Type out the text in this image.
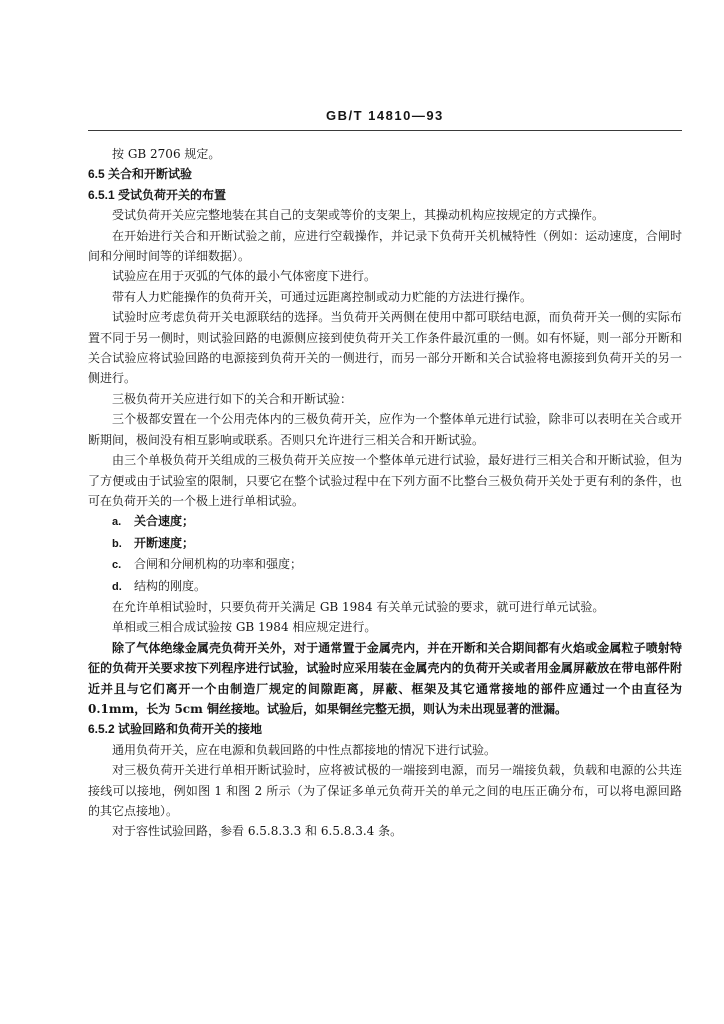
GB/T 14810—93

按 GB 2706 规定。

6.5 关合和开断试验
6.5.1 受试负荷开关的布置

受试负荷开关应完整地装在其自己的支架或等价的支架上，其操动机构应按规定的方式操作。

在开始进行关合和开断试验之前，应进行空载操作，并记录下负荷开关机械特性（例如：运动速度，合闸时间和分闸时间等的详细数据）。

试验应在用于灭弧的气体的最小气体密度下进行。

带有人力贮能操作的负荷开关，可通过远距离控制或动力贮能的方法进行操作。

试验时应考虑负荷开关电源联结的选择。当负荷开关两侧在使用中都可联结电源，而负荷开关一侧的实际布置不同于另一侧时，则试验回路的电源侧应接到使负荷开关工作条件最沉重的一侧。如有怀疑，则一部分开断和关合试验应将试验回路的电源接到负荷开关的一侧进行，而另一部分开断和关合试验将电源接到负荷开关的另一侧进行。

三极负荷开关应进行如下的关合和开断试验：

三个极都安置在一个公用壳体内的三极负荷开关，应作为一个整体单元进行试验，除非可以表明在关合或开断期间，极间没有相互影响或联系。否则只允许进行三相关合和开断试验。

由三个单极负荷开关组成的三极负荷开关应按一个整体单元进行试验，最好进行三相关合和开断试验，但为了方便或由于试验室的限制，只要它在整个试验过程中在下列方面不比整台三极负荷开关处于更有利的条件，也可在负荷开关的一个极上进行单相试验。

a. 关合速度；
b. 开断速度；
c. 合闸和分闸机构的功率和强度；
d. 结构的刚度。

在允许单相试验时，只要负荷开关满足 GB 1984 有关单元试验的要求，就可进行单元试验。

单相或三相合成试验按 GB 1984 相应规定进行。

除了气体绝缘金属壳负荷开关外，对于通常置于金属壳内，并在开断和关合期间都有火焰或金属粒子喷射特征的负荷开关要求按下列程序进行试验，试验时应采用装在金属壳内的负荷开关或者用金属屏蔽放在带电部件附近并且与它们离开一个由制造厂规定的间隙距离，屏蔽、框架及其它通常接地的部件应通过一个由直径为 0.1mm，长为 5cm 铜丝接地。试验后，如果铜丝完整无损，则认为未出现显著的泄漏。

6.5.2 试验回路和负荷开关的接地

通用负荷开关，应在电源和负载回路的中性点都接地的情况下进行试验。

对三极负荷开关进行单相开断试验时，应将被试极的一端接到电源，而另一端接负载，负载和电源的公共连接线可以接地，例如图 1 和图 2 所示（为了保证多单元负荷开关的单元之间的电压正确分布，可以将电源回路的其它点接地）。

对于容性试验回路，参看 6.5.8.3.3 和 6.5.8.3.4 条。
